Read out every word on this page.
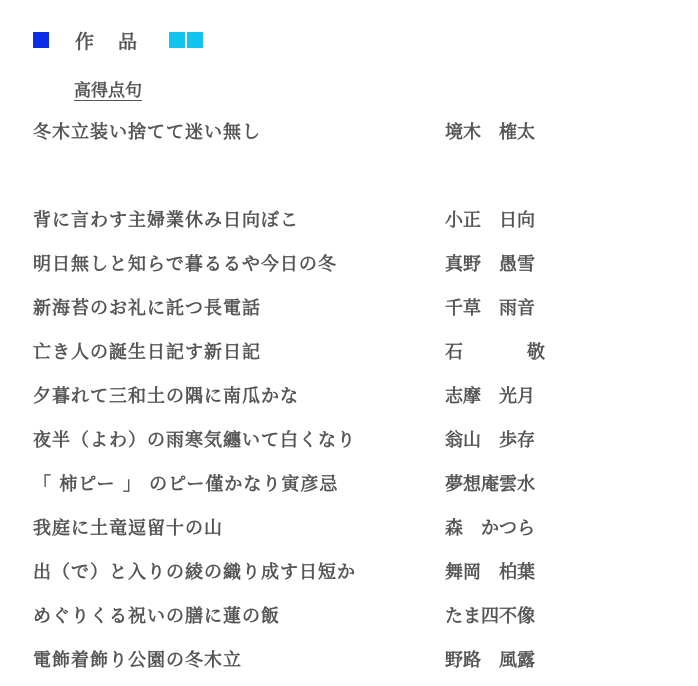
作品
高得点句
冬木立装い捨てて迷い無し	境木 榷太
背に言わす主婦業休み日向ぼこ	小正 日向
明日無しと知らで暮るるや今日の冬	真野 愚雪
新海苔のお礼に託つ長電話	千草 雨音
亡き人の誕生日記す新日記	石	敬
夕暮れて三和土の隅に南瓜かな	志摩 光月
夜半（よわ）の雨寒気纏いて白くなり	翁山 歩存
「 柿ピー 」 のピー僅かなり寅彦忌	夢想庵雲水
我庭に土竜逗留十の山	森 かつら
出（で）と入りの綾の織り成す日短か	舞岡 柏葉
めぐりくる祝いの膳に蓮の飯	たま四不像
電飾着飾り公園の冬木立	野路 風露
